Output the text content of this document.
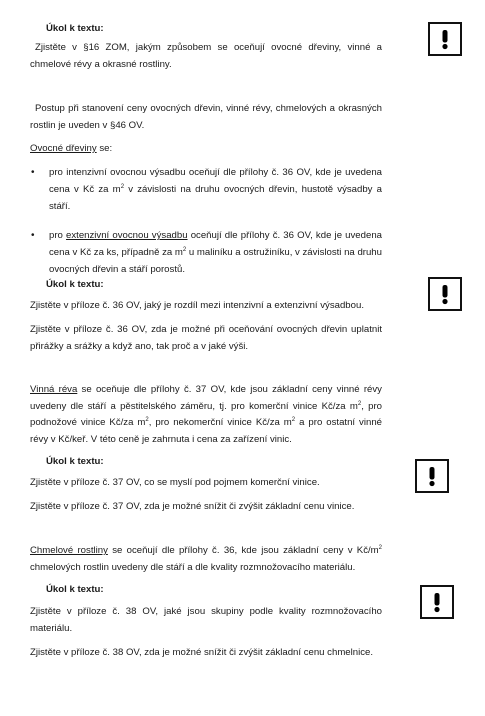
Úkol k textu:
Zjistěte v §16 ZOM, jakým způsobem se oceňují ovocné dřeviny, vinné a chmelové révy a okrasné rostliny.
Postup při stanovení ceny ovocných dřevin, vinné révy, chmelových a okrasných rostlin je uveden v §46 OV.
Ovocné dřeviny se:
• pro intenzivní ovocnou výsadbu oceňují dle přílohy č. 36 OV, kde je uvedena cena v Kč za $m^2$ v závislosti na druhu ovocných dřevin, hustotě výsadby a stáří.
• pro extenzivní ovocnou výsadbu oceňují dle přílohy č. 36 OV, kde je uvedena cena v Kč za ks, případně za $m^2$ u maliníku a ostružiníku, v závislosti na druhu ovocných dřevin a stáří porostů.
Úkol k textu:
Zjistěte v příloze č. 36 OV, jaký je rozdíl mezi intenzivní a extenzivní výsadbou.
Zjistěte v příloze č. 36 OV, zda je možné při oceňování ovocných dřevin uplatnit přirážky a srážky a když ano, tak proč a v jaké výši.
Vinná réva se oceňuje dle přílohy č. 37 OV, kde jsou základní ceny vinné révy uvedeny dle stáří a pěstitelského záměru, tj. pro komerční vinice Kč/za $m^2$, pro podnožové vinice Kč/za $m^2$, pro nekomerční vinice Kč/za $m^2$ a pro ostatní vinné révy v Kč/keř. V této ceně je zahrnuta i cena za zařízení vinic.
Úkol k textu:
Zjistěte v příloze č. 37 OV, co se myslí pod pojmem komerční vinice.
Zjistěte v příloze č. 37 OV, zda je možné snížit či zvýšit základní cenu vinice.
Chmelové rostliny se oceňují dle přílohy č. 36, kde jsou základní ceny v $Kč/m^2$ chmelových rostlin uvedeny dle stáří a dle kvality rozmnožovacího materiálu.
Úkol k textu:
Zjistěte v příloze č. 38 OV, jaké jsou skupiny podle kvality rozmnožovacího materiálu.
Zjistěte v příloze č. 38 OV, zda je možné snížit či zvýšit základní cenu chmelnice.
